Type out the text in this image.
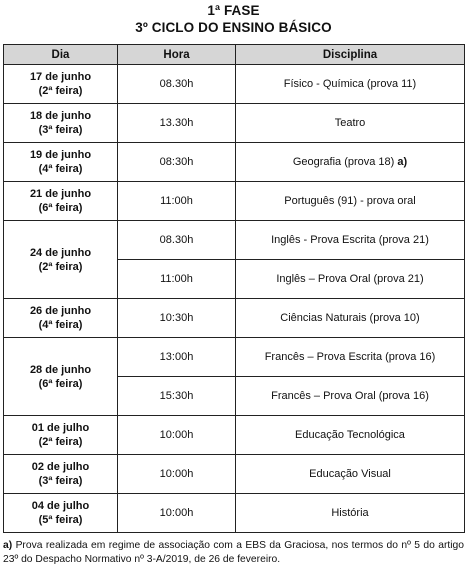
1ª FASE
3º CICLO DO ENSINO BÁSICO
Dia	Hora	Disciplina

17 de junho
(2ª feira)	08.30h	Físico - Química (prova 11)

18 de junho
(3ª feira)	13.30h	Teatro

19 de junho
(4ª feira)	08:30h	Geografia (prova 18) a)

21 de junho
(6ª feira)	11:00h	Português (91) - prova oral

24 de junho
(2ª feira)	08.30h	Inglês - Prova Escrita (prova 21)
	11:00h	Inglês – Prova Oral (prova 21)

26 de junho
(4ª feira)	10:30h	Ciências Naturais (prova 10)

28 de junho
(6ª feira)	13:00h	Francês – Prova Escrita (prova 16)
	15:30h	Francês – Prova Oral (prova 16)

01 de julho
(2ª feira)	10:00h	Educação Tecnológica

02 de julho
(3ª feira)	10:00h	Educação Visual

04 de julho
(5ª feira)	10:00h	História
a) Prova realizada em regime de associação com a EBS da Graciosa, nos termos do nº 5 do artigo 23º do Despacho Normativo nº 3-A/2019, de 26 de fevereiro.
